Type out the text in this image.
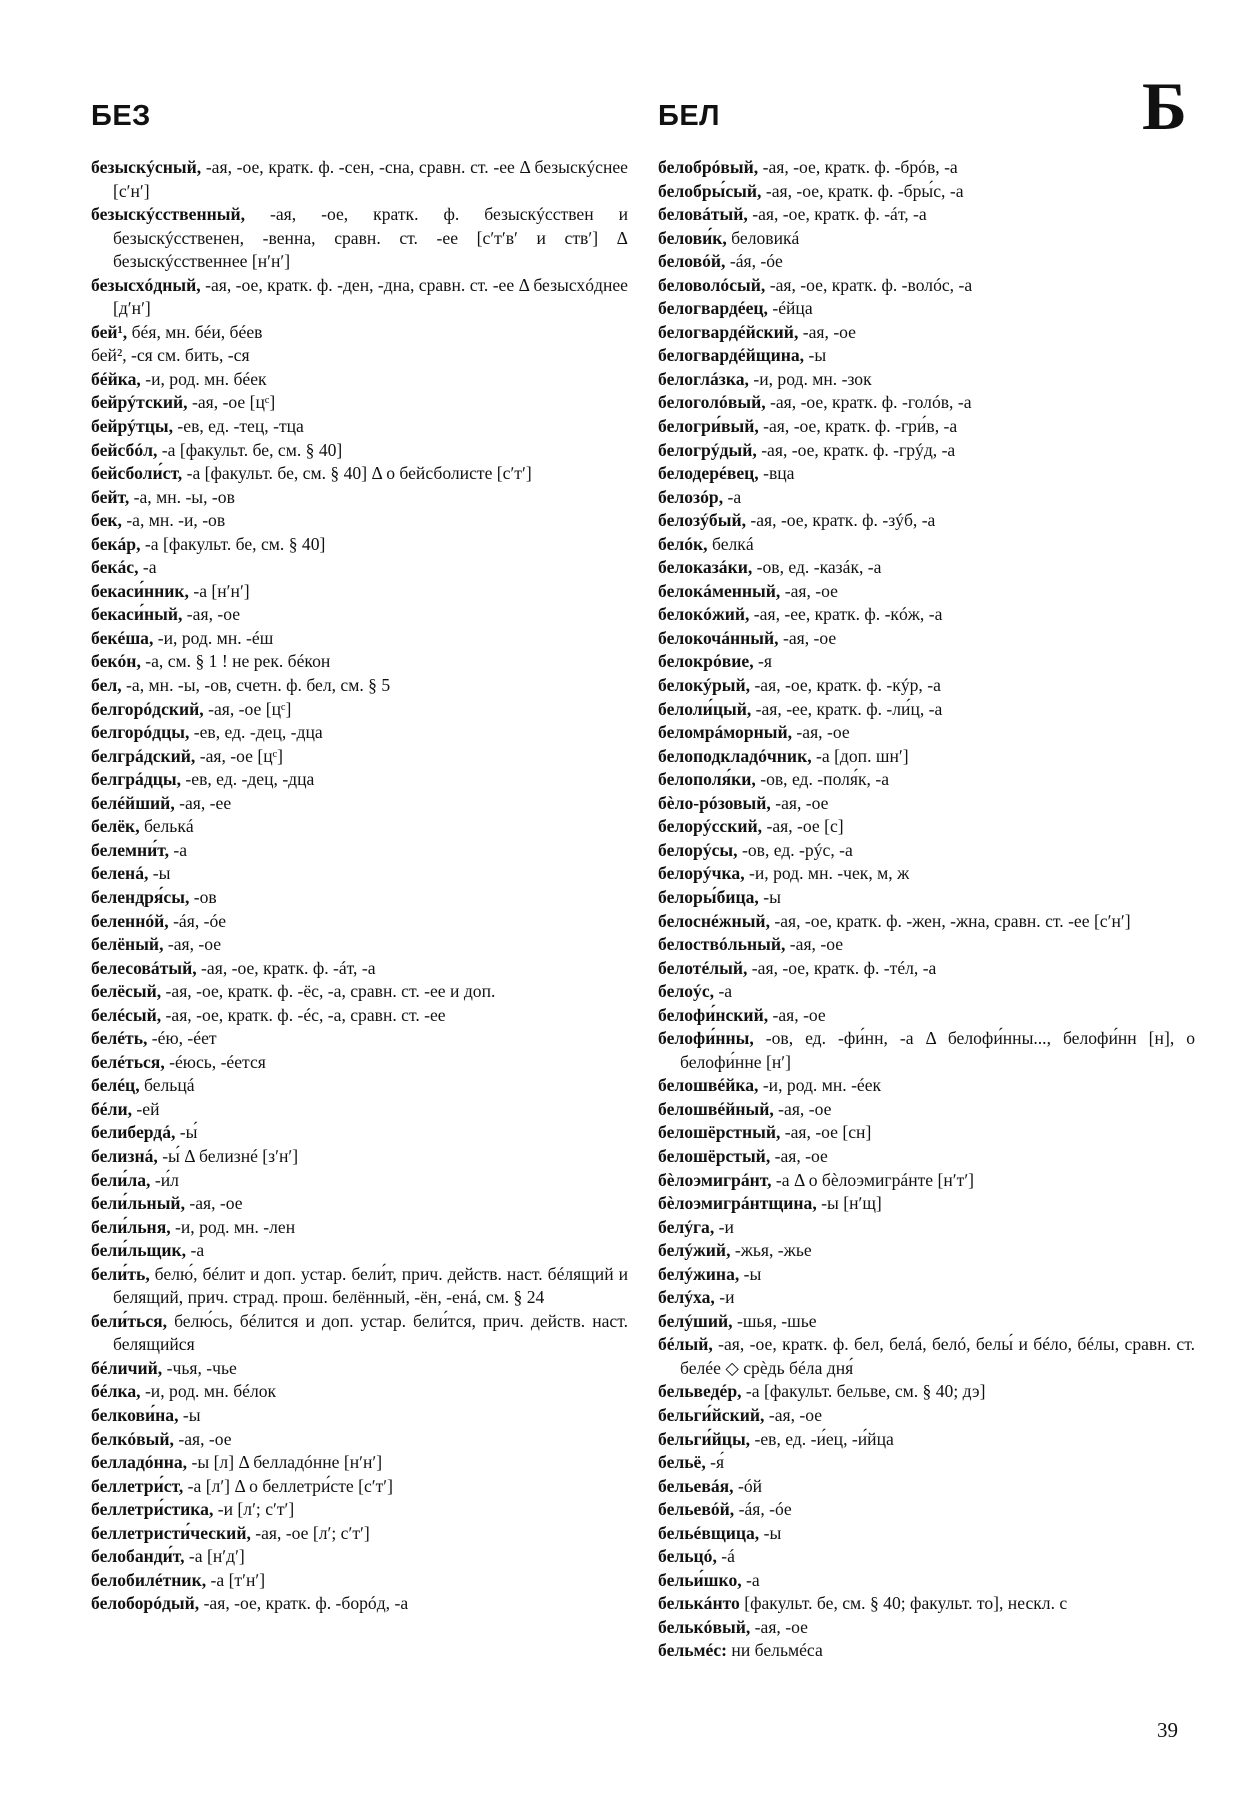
БЕЗ	БЕЛ	Б

безыскýсный, -ая, -ое, кратк. ф. -сен, -сна, сравн. ст. -ее Δ безыскýснее [сʹнʹ]

безыскýсственный, -ая, -ое, кратк. ф. безыскýсствен и безыскýсственен, -венна, сравн. ст. -ее [сʹтʹвʹ и ствʹ] Δ безыскýсственнее [нʹнʹ]

безысхóдный, -ая, -ое, кратк. ф. -ден, -дна, сравн. ст. -ее Δ безысхóднее [дʹнʹ]

бей¹, бéя, мн. бéи, бéев

бей², -ся см. бить, -ся

бéйка, -и, род. мн. бéек

бейрýтский, -ая, -ое [цᶜ]

бейрýтцы, -ев, ед. -тец, -тца

бейсбóл, -а [факульт. бе, см. § 40]

бейсболи́ст, -а [факульт. бе, см. § 40] Δ о бейсболисте [сʹтʹ]

бейт, -а, мн. -ы, -ов

бек, -а, мн. -и, -ов

бекáр, -а [факульт. бе, см. § 40]

бекáс, -а

бекаси́нник, -а [нʹнʹ]

бекаси́ный, -ая, -ое

бекéша, -и, род. мн. -éш

бекóн, -а, см. § 1 ! не рек. бéкон

бел, -а, мн. -ы, -ов, счетн. ф. бел, см. § 5

белгорóдский, -ая, -ое [цᶜ]

белгорóдцы, -ев, ед. -дец, -дца

белгрáдский, -ая, -ое [цᶜ]

белгрáдцы, -ев, ед. -дец, -дца

белéйший, -ая, -ее

белёк, белькá

белемни́т, -а

беленá, -ы

белендря́сы, -ов

беленнóй, -áя, -óе

белёный, -ая, -ое

белесовáтый, -ая, -ое, кратк. ф. -áт, -а

белёсый, -ая, -ое, кратк. ф. -ёс, -а, сравн. ст. -ее и доп.

белéсый, -ая, -ое, кратк. ф. -éс, -а, сравн. ст. -ее

белéть, -éю, -éет

белéться, -éюсь, -éется

белéц, бельцá

бéли, -ей

белибердá, -ы́

белизнá, -ы́ Δ белизнé [зʹнʹ]

бели́ла, -и́л

бели́льный, -ая, -ое

бели́льня, -и, род. мн. -лен

бели́льщик, -а

бели́ть, белю́, бéлит и доп. устар. бели́т, прич. действ. наст. бéлящий и белящий, прич. страд. прош. белённый, -ён, -енá, см. § 24

бели́ться, белю́сь, бéлится и доп. устар. бели́тся, прич. действ. наст. белящийся

бéличий, -чья, -чье

бéлка, -и, род. мн. бéлок

белкови́на, -ы

белкóвый, -ая, -ое

белладóнна, -ы [л] Δ белладóнне [нʹнʹ]

беллетри́ст, -а [лʹ] Δ о беллетри́сте [сʹтʹ]

беллетри́стика, -и [лʹ; сʹтʹ]

беллетристи́ческий, -ая, -ое [лʹ; сʹтʹ]

белобанди́т, -а [нʹдʹ]

белобилéтник, -а [тʹнʹ]

белоборóдый, -ая, -ое, кратк. ф. -борóд, -а

белобрóвый, -ая, -ое, кратк. ф. -брóв, -а

белобры́сый, -ая, -ое, кратк. ф. -бры́с, -а

беловáтый, -ая, -ое, кратк. ф. -áт, -а

белови́к, беловикá

беловóй, -áя, -óе

беловолóсый, -ая, -ое, кратк. ф. -волóс, -а

белогвардéец, -éйца

белогвардéйский, -ая, -ое

белогвардéйщина, -ы

белоглáзка, -и, род. мн. -зок

белоголóвый, -ая, -ое, кратк. ф. -голóв, -а

белогри́вый, -ая, -ое, кратк. ф. -гри́в, -а

белогрýдый, -ая, -ое, кратк. ф. -грýд, -а

белодерéвец, -вца

белозóр, -а

белозýбый, -ая, -ое, кратк. ф. -зýб, -а

белóк, белкá

белоказáки, -ов, ед. -казáк, -а

белокáменный, -ая, -ое

белокóжий, -ая, -ее, кратк. ф. -кóж, -а

белокочáнный, -ая, -ое

белокрóвие, -я

белокýрый, -ая, -ое, кратк. ф. -кýр, -а

белоли́цый, -ая, -ее, кратк. ф. -ли́ц, -а

беломрáморный, -ая, -ое

белоподкладóчник, -а [доп. шнʹ]

белополя́ки, -ов, ед. -поля́к, -а

бѐло-рóзовый, -ая, -ое

белорýсский, -ая, -ое [с]

белорýсы, -ов, ед. -рýс, -а

белорýчка, -и, род. мн. -чек, м, ж

белоры́бица, -ы

белоснéжный, -ая, -ое, кратк. ф. -жен, -жна, сравн. ст. -ее [сʹнʹ]

белоствóльный, -ая, -ое

белотéлый, -ая, -ое, кратк. ф. -тéл, -а

белоýс, -а

белофи́нский, -ая, -ое

белофи́нны, -ов, ед. -фи́нн, -а Δ белофи́нны..., белофи́нн [н], о белофи́нне [нʹ]

белошвéйка, -и, род. мн. -éек

белошвéйный, -ая, -ое

белошёрстный, -ая, -ое [сн]

белошёрстый, -ая, -ое

бѐлоэмигрáнт, -а Δ о бѐлоэмигрáнте [нʹтʹ]

бѐлоэмигрáнтщина, -ы [нʹщ]

белýга, -и

белýжий, -жья, -жье

белýжина, -ы

белýха, -и

белýший, -шья, -шье

бéлый, -ая, -ое, кратк. ф. бел, белá, белó, белы́ и бéло, бéлы, сравн. ст. белée ◇ срѐдь бéла дня́

бельведéр, -а [факульт. бельве, см. § 40; дэ]

бельги́йский, -ая, -ое

бельги́йцы, -ев, ед. -и́ец, -и́йца

бельё, -я́

бельевáя, -óй

бельевóй, -áя, -óе

бельéвщица, -ы

бельцó, -á

бельи́шко, -а

белькáнто [факульт. бе, см. § 40; факульт. то], нескл. с

белькóвый, -ая, -ое

бельмéс: ни бельмéса

39
